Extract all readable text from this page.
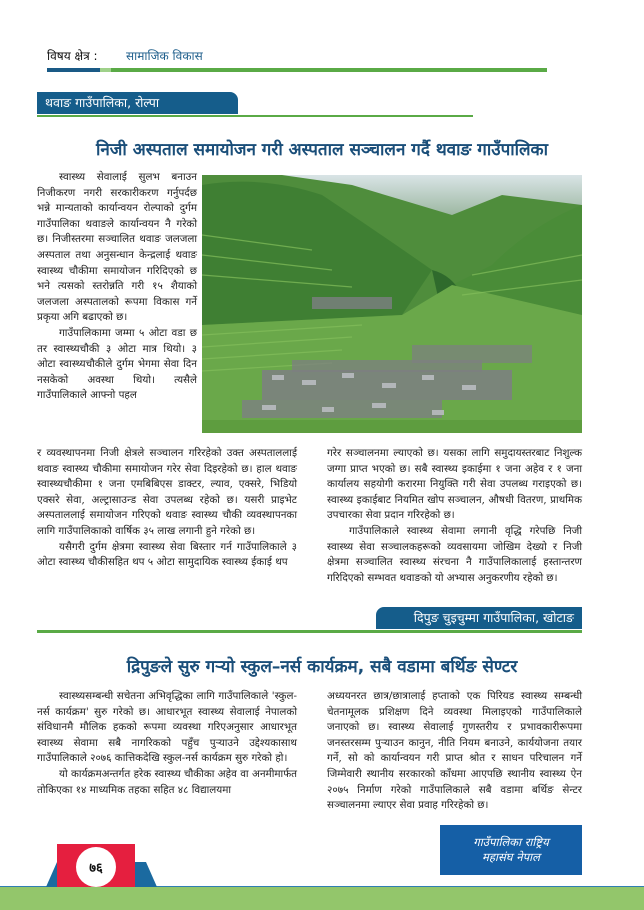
विषय क्षेत्र : सामाजिक विकास
थवाङ गाउँपालिका, रोल्पा
निजी अस्पताल समायोजन गरी अस्पताल सञ्चालन गर्दै थवाङ गाउँपालिका

स्वास्थ्य सेवालाई सुलभ बनाउन निजीकरण नगरी सरकारीकरण गर्नुपर्दछ भन्ने मान्यताको कार्यान्वयन रोल्पाको दुर्गम गाउँपालिका थवाङले कार्यान्वयन नै गरेको छ। निजीस्तरमा सञ्चालित थवाङ जलजला अस्पताल तथा अनुसन्धान केन्द्रलाई थवाङ स्वास्थ्य चौकीमा समायोजन गरिदिएको छ भने त्यसको स्तरोन्नति गरी १५ शैयाको जलजला अस्पतालको रूपमा विकास गर्ने प्रकृया अगि बढाएको छ।

गाउँपालिकामा जम्मा ५ ओटा वडा छ तर स्वास्थ्यचौकी ३ ओटा मात्र थियो। ३ ओटा स्वास्थ्यचौकीले दुर्गम भेगमा सेवा दिन नसकेको अवस्था थियो। त्यसैले गाउँपालिकाले आफ्नो पहल

र व्यवस्थापनमा निजी क्षेत्रले सञ्चालन गरिरहेको उक्त अस्पताललाई थवाङ स्वास्थ्य चौकीमा समायोजन गरेर सेवा दिइरहेको छ। हाल थवाङ स्वास्थ्यचौकीमा १ जना एमबिबिएस डाक्टर, ल्याव, एक्सरे, भिडियो एक्सरे सेवा, अल्ट्रासाउन्ड सेवा उपलब्ध रहेको छ। यसरी प्राइभेट अस्पताललाई समायोजन गरिएको थवाङ स्वास्थ्य चौकी व्यवस्थापनका लागि गाउँपालिकाको वार्षिक ३५ लाख लगानी हुने गरेको छ।

यसैगरी दुर्गम क्षेत्रमा स्वास्थ्य सेवा बिस्तार गर्न गाउँपालिकाले ३ ओटा स्वास्थ्य चौकीसहित थप ५ ओटा सामुदायिक स्वास्थ्य ईकाई थप

गरेर सञ्चालनमा ल्याएको छ। यसका लागि समुदायस्तरबाट निशुल्क जग्गा प्राप्त भएको छ। सबै स्वास्थ्य इकाईमा १ जना अहेव र १ जना कार्यालय सहयोगी करारमा नियुक्ति गरी सेवा उपलब्ध गराइएको छ। स्वास्थ्य इकाईबाट नियमित खोप सञ्चालन, औषधी वितरण, प्राथमिक उपचारका सेवा प्रदान गरिरहेको छ।

गाउँपालिकाले स्वास्थ्य सेवामा लगानी वृद्धि गरेपछि निजी स्वास्थ्य सेवा सञ्चालकहरूको व्यवसायमा जोखिम देख्यो र निजी क्षेत्रमा सञ्चालित स्वास्थ्य संरचना नै गाउँपालिकालाई हस्तान्तरण गरिदिएको सम्भवत थवाङको यो अभ्यास अनुकरणीय रहेको छ।

दिपुङ चुइचुम्मा गाउँपालिका, खोटाङ
द्रिपुङले सुरु गऱ्यो स्कुल–नर्स कार्यक्रम, सबै वडामा बर्थिङ सेण्टर

स्वास्थ्यसम्बन्धी सचेतना अभिवृद्धिका लागि गाउँपालिकाले 'स्कुल-नर्स कार्यक्रम' सुरु गरेको छ। आधारभूत स्वास्थ्य सेवालाई नेपालको संविधानमै मौलिक हकको रूपमा व्यवस्था गरिएअनुसार आधारभूत स्वास्थ्य सेवामा सबै नागरिकको पहुँच पुऱ्याउने उद्देश्यकासाथ गाउँपालिकाले २०७६ कात्तिकदेखि स्कुल-नर्स कार्यक्रम सुरु गरेको हो।

यो कार्यक्रमअन्तर्गत हरेक स्वास्थ्य चौकीका अहेव वा अनमीमार्फत तोकिएका १४ माध्यमिक तहका सहित ४८ विद्यालयमा

अध्ययनरत छात्र/छात्रालाई हप्ताको एक पिरियड स्वास्थ्य सम्बन्धी चेतनामूलक प्रशिक्षण दिने व्यवस्था मिलाइएको गाउँपालिकाले जनाएको छ। स्वास्थ्य सेवालाई गुणस्तरीय र प्रभावकारीरूपमा जनस्तरसम्म पुऱ्याउन कानुन, नीति नियम बनाउने, कार्ययोजना तयार गर्ने, सो को कार्यान्वयन गरी प्राप्त श्रोत र साधन परिचालन गर्ने जिम्मेवारी स्थानीय सरकारको काँधमा आएपछि स्थानीय स्वास्थ्य ऐन २०७५ निर्माण गरेको गाउँपालिकाले सबै वडामा बर्थिङ सेन्टर सञ्चालनमा ल्याएर सेवा प्रवाह गरिरहेको छ।

७६
गाउँपालिका राष्ट्रिय
महासंघ नेपाल
